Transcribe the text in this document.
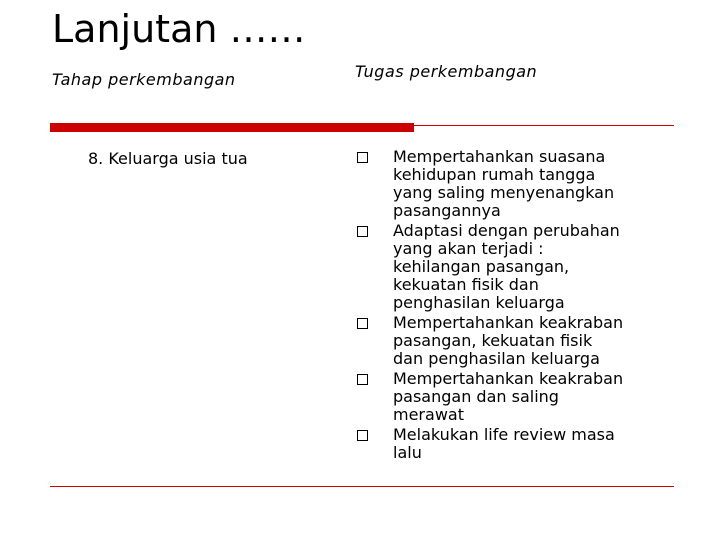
Lanjutan ……
Tahap perkembangan	Tugas perkembangan
8. Keluarga usia tua	Mempertahankan suasana
kehidupan rumah tangga
yang saling menyenangkan
pasangannya
Adaptasi dengan perubahan
yang akan terjadi :
kehilangan pasangan,
kekuatan fisik dan
penghasilan keluarga
Mempertahankan keakraban
pasangan, kekuatan fisik
dan penghasilan keluarga
Mempertahankan keakraban
pasangan dan saling
merawat
Melakukan life review masa
lalu
